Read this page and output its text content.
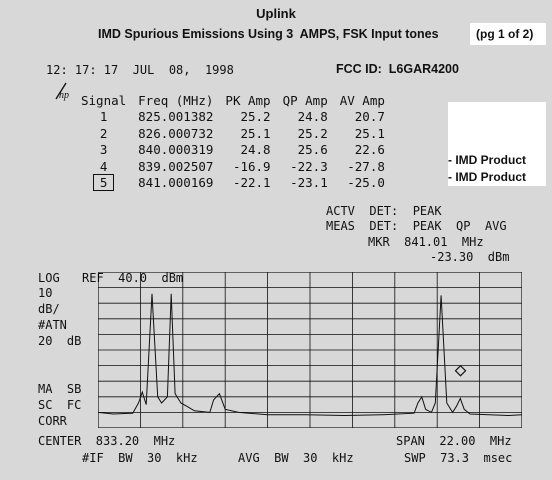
Uplink
IMD Spurious Emissions Using 3  AMPS, FSK Input tones	(pg 1 of 2)

hp

12: 17: 17  JUL  08,  1998	FCC ID:  L6GAR4200
Signal	Freq (MHz)	PK Amp	QP Amp	AV Amp
1	825.001382	25.2	24.8	20.7
2	826.000732	25.1	25.2	25.1
3	840.000319	24.8	25.6	22.6
4	839.002507	-16.9	-22.3	-27.8
5	841.000169	-22.1	-23.1	-25.0
- IMD Product
- IMD Product
ACTV  DET:  PEAK
MEAS  DET:  PEAK  QP  AVG
MKR  841.01  MHz
-23.30  dBm
LOG
10
dB/
#ATN
20  dB
MA  SB
SC  FC
CORR
REF  40.0  dBm
CENTER  833.20  MHz	SPAN  22.00  MHz
#IF  BW  30  kHz	AVG  BW  30  kHz	SWP  73.3  msec
